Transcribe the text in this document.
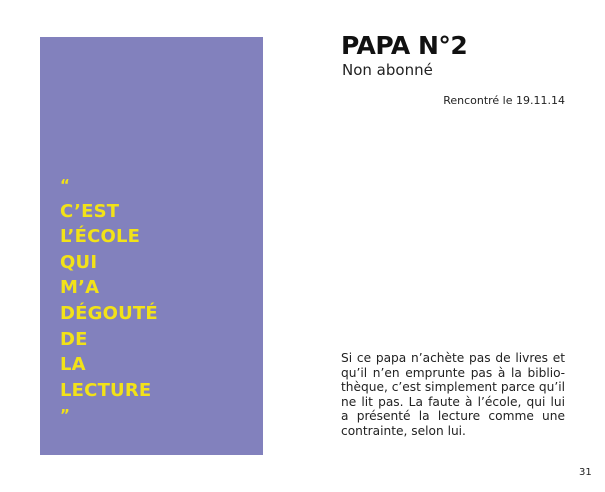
“
C’EST
L’ÉCOLE
QUI
M’A
DÉGOUTÉ
DE
LA
LECTURE
”
PAPA N°2

Non abonné

Rencontré le 19.11.14

Si ce papa n’achète pas de livres et qu’il n’en emprunte pas à la bibliothèque, c’est simplement parce qu’il ne lit pas. La faute à l’école, qui lui a présenté la lecture comme une contrainte, selon lui.

31
